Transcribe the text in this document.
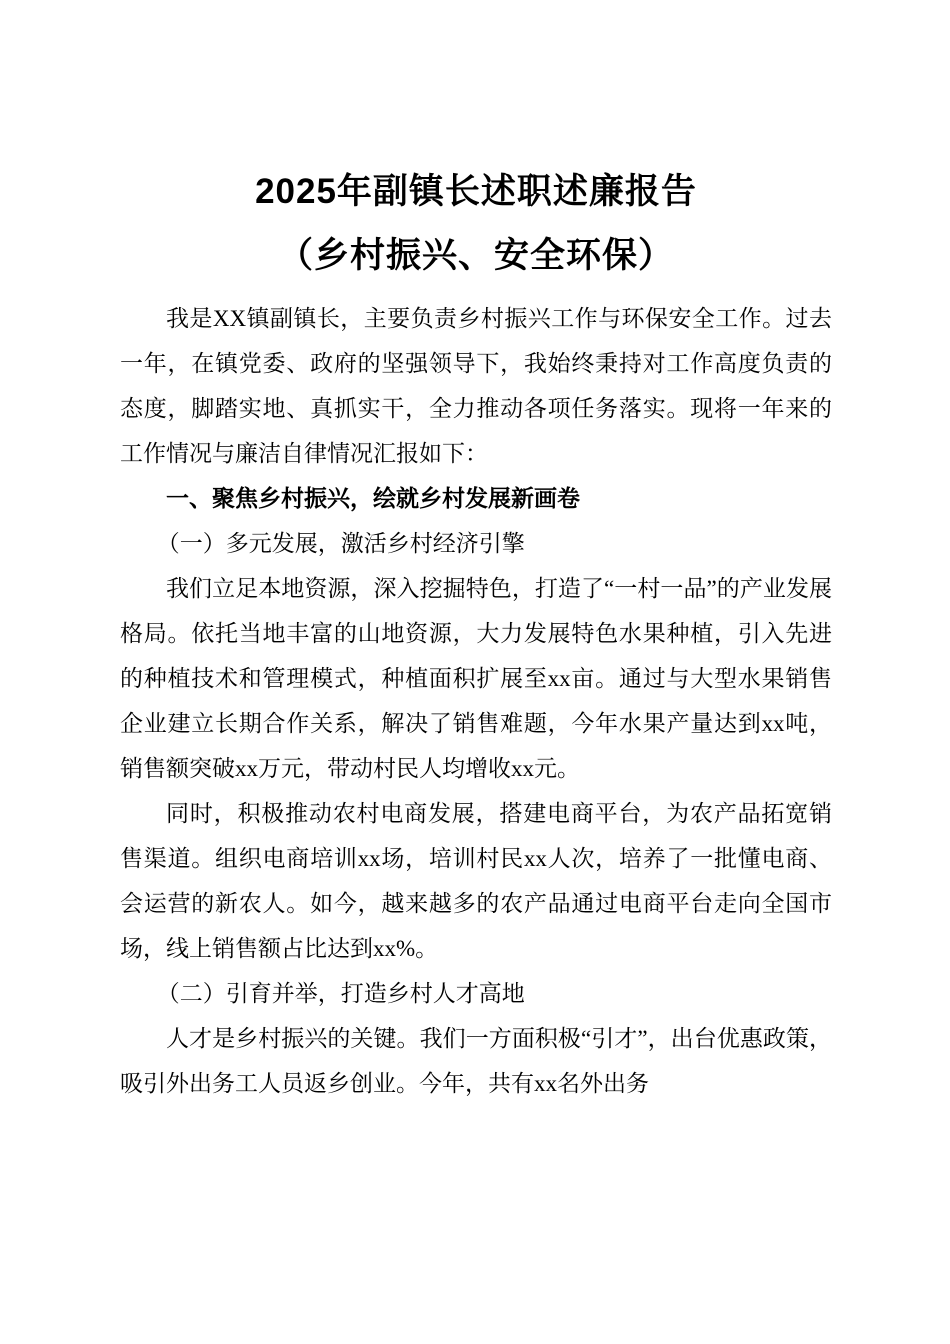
2025年副镇长述职述廉报告
（乡村振兴、安全环保）

我是XX镇副镇长，主要负责乡村振兴工作与环保安全工作。过去一年，在镇党委、政府的坚强领导下，我始终秉持对工作高度负责的态度，脚踏实地、真抓实干，全力推动各项任务落实。现将一年来的工作情况与廉洁自律情况汇报如下：

一、聚焦乡村振兴，绘就乡村发展新画卷

（一）多元发展，激活乡村经济引擎

我们立足本地资源，深入挖掘特色，打造了“一村一品”的产业发展格局。依托当地丰富的山地资源，大力发展特色水果种植，引入先进的种植技术和管理模式，种植面积扩展至xx亩。通过与大型水果销售企业建立长期合作关系，解决了销售难题，今年水果产量达到xx吨，销售额突破xx万元，带动村民人均增收xx元。

同时，积极推动农村电商发展，搭建电商平台，为农产品拓宽销售渠道。组织电商培训xx场，培训村民xx人次，培养了一批懂电商、会运营的新农人。如今，越来越多的农产品通过电商平台走向全国市场，线上销售额占比达到xx%。

（二）引育并举，打造乡村人才高地

人才是乡村振兴的关键。我们一方面积极“引才”，出台优惠政策，吸引外出务工人员返乡创业。今年，共有xx名外出务
